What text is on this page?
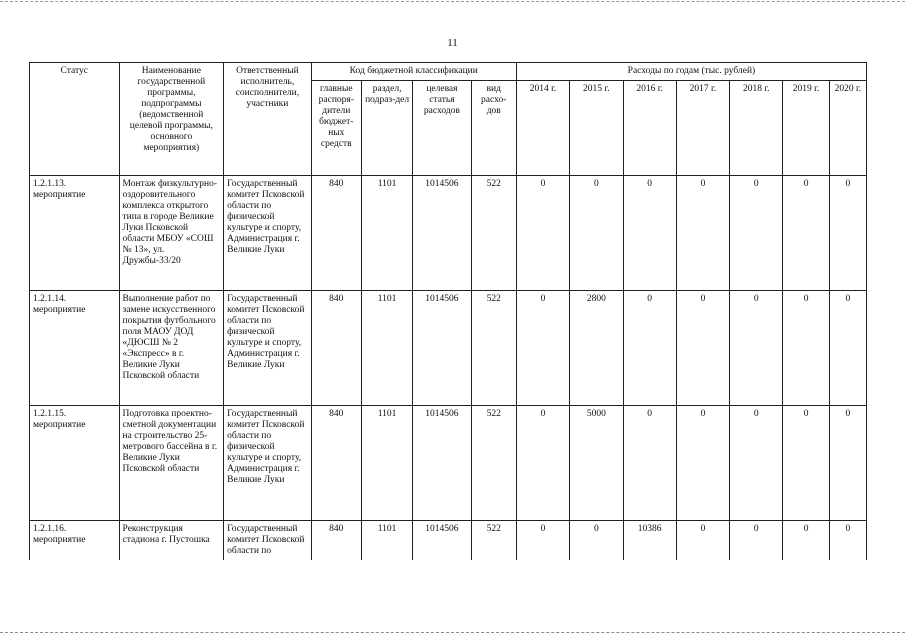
11
Статус	Наименование государственной программы, подпрограммы (ведомственной целевой программы, основного мероприятия)	Ответственный исполнитель, соисполнители, участники	Код бюджетной классификации				Расходы по годам (тыс. рублей)						
			главные распоря-дители бюджет-ных средств	раздел, подраз-дел	целевая статья расходов	вид расхо-дов	2014 г.	2015 г.	2016 г.	2017 г.	2018 г.	2019 г.	2020 г.
1.2.1.13. мероприятие	Монтаж физкультурно-оздоровительного комплекса открытого типа в городе Великие Луки Псковской области МБОУ «СОШ № 13», ул. Дружбы-33/20	Государственный комитет Псковской области по физической культуре и спорту, Администрация г. Великие Луки	840	1101	1014506	522	0	0	0	0	0	0	0
1.2.1.14. мероприятие	Выполнение работ по замене искусственного покрытия футбольного поля МАОУ ДОД «ДЮСШ № 2 «Экспресс» в г. Великие Луки Псковской области	Государственный комитет Псковской области по физической культуре и спорту, Администрация г. Великие Луки	840	1101	1014506	522	0	2800	0	0	0	0	0
1.2.1.15. мероприятие	Подготовка проектно-сметной документации на строительство 25-метрового бассейна в г. Великие Луки Псковской области	Государственный комитет Псковской области по физической культуре и спорту, Администрация г. Великие Луки	840	1101	1014506	522	0	5000	0	0	0	0	0
1.2.1.16. мероприятие	Реконструкция стадиона г. Пустошка	Государственный комитет Псковской области по	840	1101	1014506	522	0	0	10386	0	0	0	0
